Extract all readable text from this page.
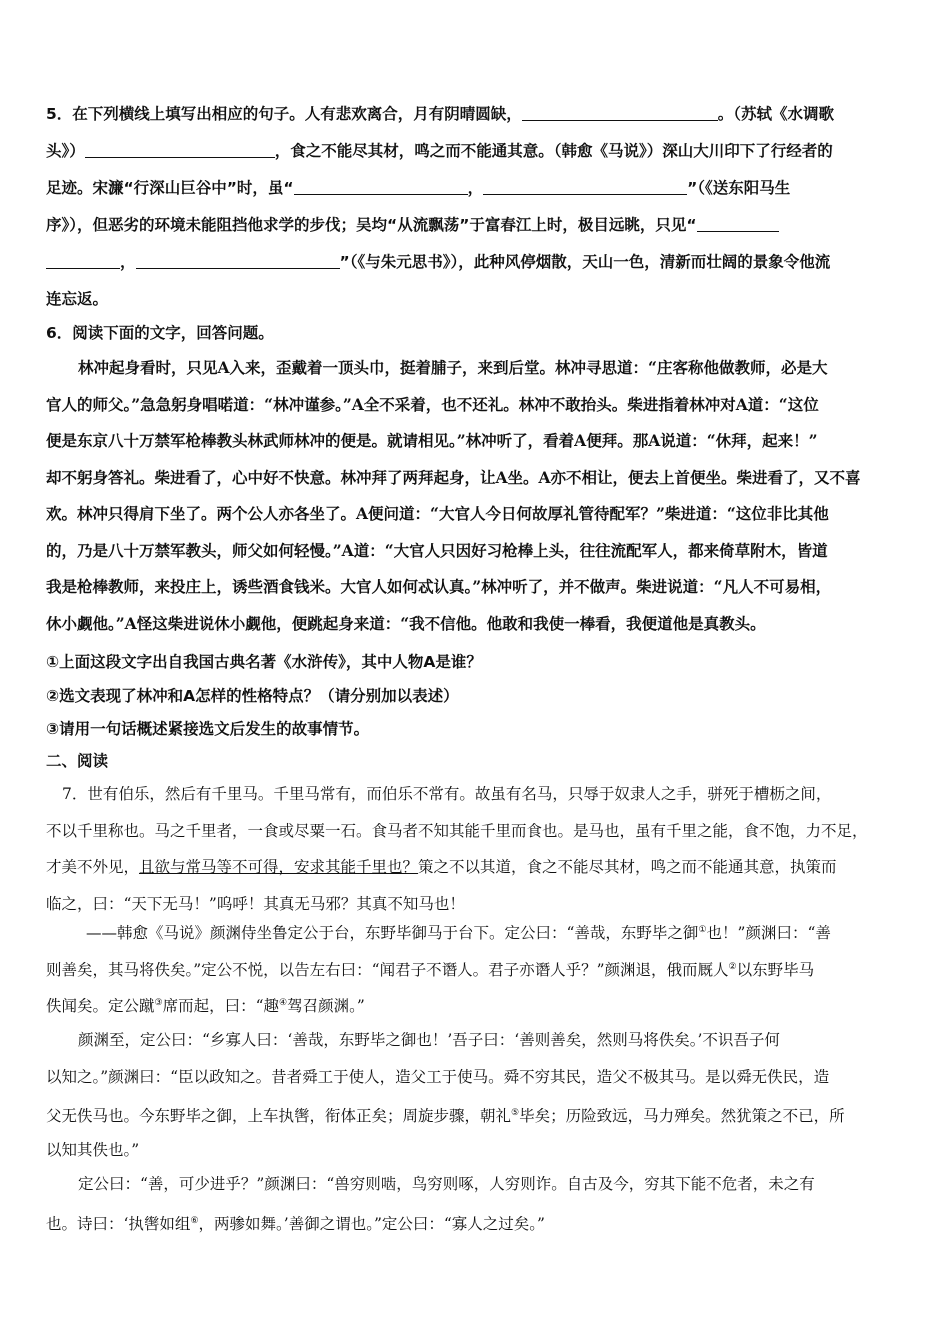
5．在下列横线上填写出相应的句子。人有悲欢离合，月有阴晴圆缺，	。（苏轼《水调歌
头》）	，食之不能尽其材，鸣之而不能通其意。（韩愈《马说》）深山大川印下了行经者的
足迹。宋濂“行深山巨谷中”时，虽“	，	”（《送东阳马生
序》），但恶劣的环境未能阻挡他求学的步伐；吴均“从流飘荡”于富春江上时，极目远眺，只见“
，	”（《与朱元思书》），此种风停烟散，天山一色，清新而壮阔的景象令他流
连忘返。
6．阅读下面的文字，回答问题。
林冲起身看时，只见A入来，歪戴着一顶头巾，挺着脯子，来到后堂。林冲寻思道：“庄客称他做教师，必是大
官人的师父。”急急躬身唱喏道：“林冲谨参。”A全不采着，也不还礼。林冲不敢抬头。柴进指着林冲对A道：“这位
便是东京八十万禁军枪棒教头林武师林冲的便是。就请相见。”林冲听了，看着A便拜。那A说道：“休拜，起来！”
却不躬身答礼。柴进看了，心中好不快意。林冲拜了两拜起身，让A坐。A亦不相让，便去上首便坐。柴进看了，又不喜
欢。林冲只得肩下坐了。两个公人亦各坐了。A便问道：“大官人今日何故厚礼管待配军？”柴进道：“这位非比其他
的，乃是八十万禁军教头，师父如何轻慢。”A道：“大官人只因好习枪棒上头，往往流配军人，都来倚草附木，皆道
我是枪棒教师，来投庄上，诱些酒食钱米。大官人如何忒认真。”林冲听了，并不做声。柴进说道：“凡人不可易相，
休小觑他。”A怪这柴进说休小觑他，便跳起身来道：“我不信他。他敢和我使一棒看，我便道他是真教头。
①上面这段文字出自我国古典名著《水浒传》，其中人物A是谁？
②选文表现了林冲和A怎样的性格特点？（请分别加以表述）
③请用一句话概述紧接选文后发生的故事情节。
二、阅读
7．世有伯乐，然后有千里马。千里马常有，而伯乐不常有。故虽有名马，只辱于奴隶人之手，骈死于槽枥之间，
不以千里称也。马之千里者，一食或尽粟一石。食马者不知其能千里而食也。是马也，虽有千里之能，食不饱，力不足，
才美不外见，且欲与常马等不可得，安求其能千里也？策之不以其道，食之不能尽其材，鸣之而不能通其意，执策而
临之，曰：“天下无马！”呜呼！其真无马邪？其真不知马也！
——韩愈《马说》颜渊侍坐鲁定公于台，东野毕御马于台下。定公曰：“善哉，东野毕之御①也！”颜渊曰：“善
则善矣，其马将佚矣。”定公不悦，以告左右曰：“闻君子不谮人。君子亦谮人乎？”颜渊退，俄而厩人②以东野毕马
佚闻矣。定公蹴③席而起，曰：“趣④驾召颜渊。”
颜渊至，定公曰：“乡寡人曰：‘善哉，东野毕之御也！’吾子曰：‘善则善矣，然则马将佚矣。’不识吾子何
以知之。”颜渊曰：“臣以政知之。昔者舜工于使人，造父工于使马。舜不穷其民，造父不极其马。是以舜无佚民，造
父无佚马也。今东野毕之御，上车执辔，衔体正矣；周旋步骤，朝礼⑤毕矣；历险致远，马力殚矣。然犹策之不已，所
以知其佚也。”
定公曰：“善，可少进乎？”颜渊曰：“兽穷则啮，鸟穷则啄，人穷则诈。自古及今，穷其下能不危者，未之有
也。诗曰：‘执辔如组⑥，两骖如舞。’善御之谓也。”定公曰：“寡人之过矣。”
